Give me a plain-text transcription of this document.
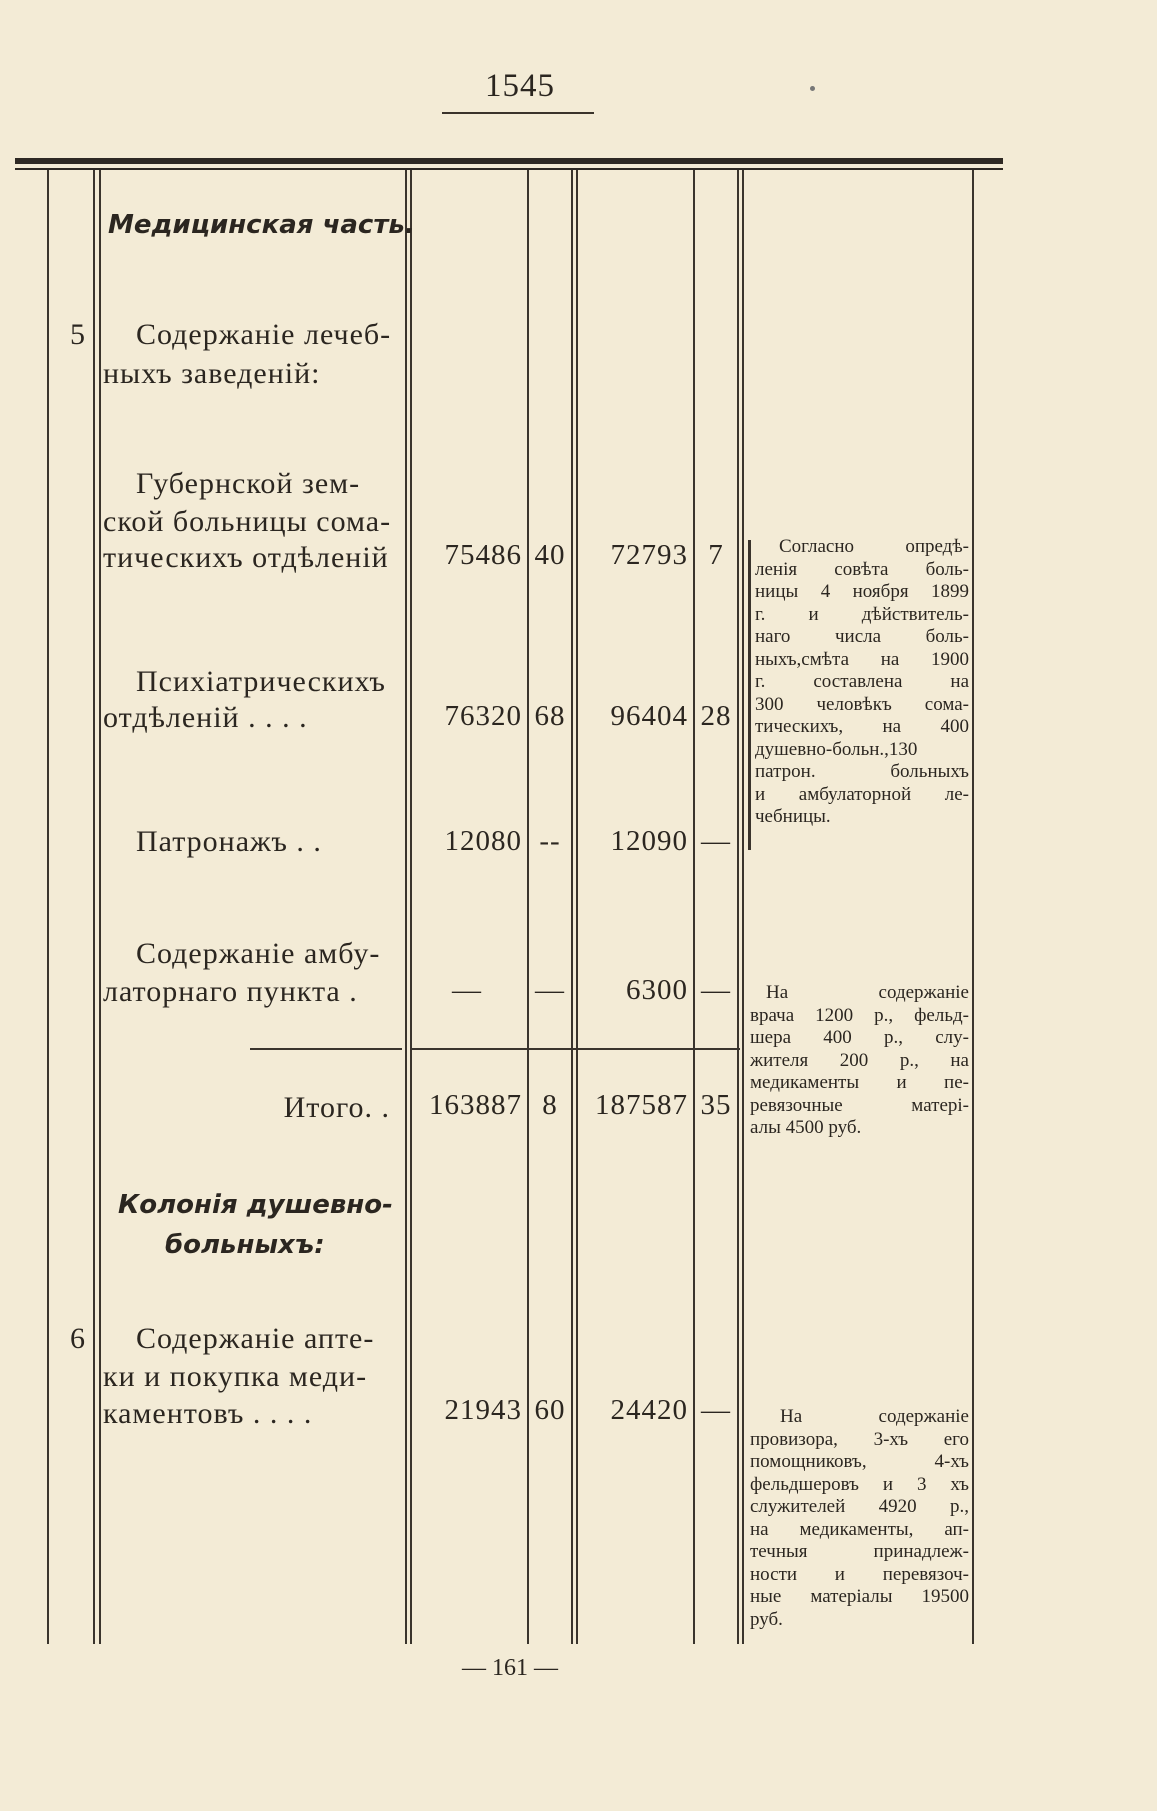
1545
Медицинская часть.
5 Содержаніе лечеб-
ныхъ заведеній:
Губернской зем-
ской больницы сома-
тическихъ отдѣленій	75486 40	72793 7
Психіатрическихъ
отдѣленій . . . .	76320 68	96404 28
Патронажъ . .	12080 --	12090 —
Содержаніе амбу-
латорнаго пункта .	—	—	6300 —
Итого. .	163887 8	187587 35
Колонія душевно-
больныхъ:
6 Содержаніе апте-
ки и покупка меди-
каментовъ . . . .	21943 60	24420 —
Согласно опредѣ-
ленія совѣта боль-
ницы 4 ноября 1899
г. и дѣйствитель-
наго числа боль-
ныхъ,смѣта на 1900
г. составлена на
300 человѣкъ сома-
тическихъ, на 400
душевно-больн.,130
патрон. больныхъ
и амбулаторной ле-
чебницы.
На содержаніе
врача 1200 р., фельд-
шера 400 р., слу-
жителя 200 р., на
медикаменты и пе-
ревязочные матері-
алы 4500 руб.
На содержаніе
провизора, 3-хъ его
помощниковъ, 4-хъ
фельдшеровъ и 3 хъ
служителей 4920 р.,
на медикаменты, ап-
течныя принадлеж-
ности и перевязоч-
ные матеріалы 19500
руб.
— 161 —
